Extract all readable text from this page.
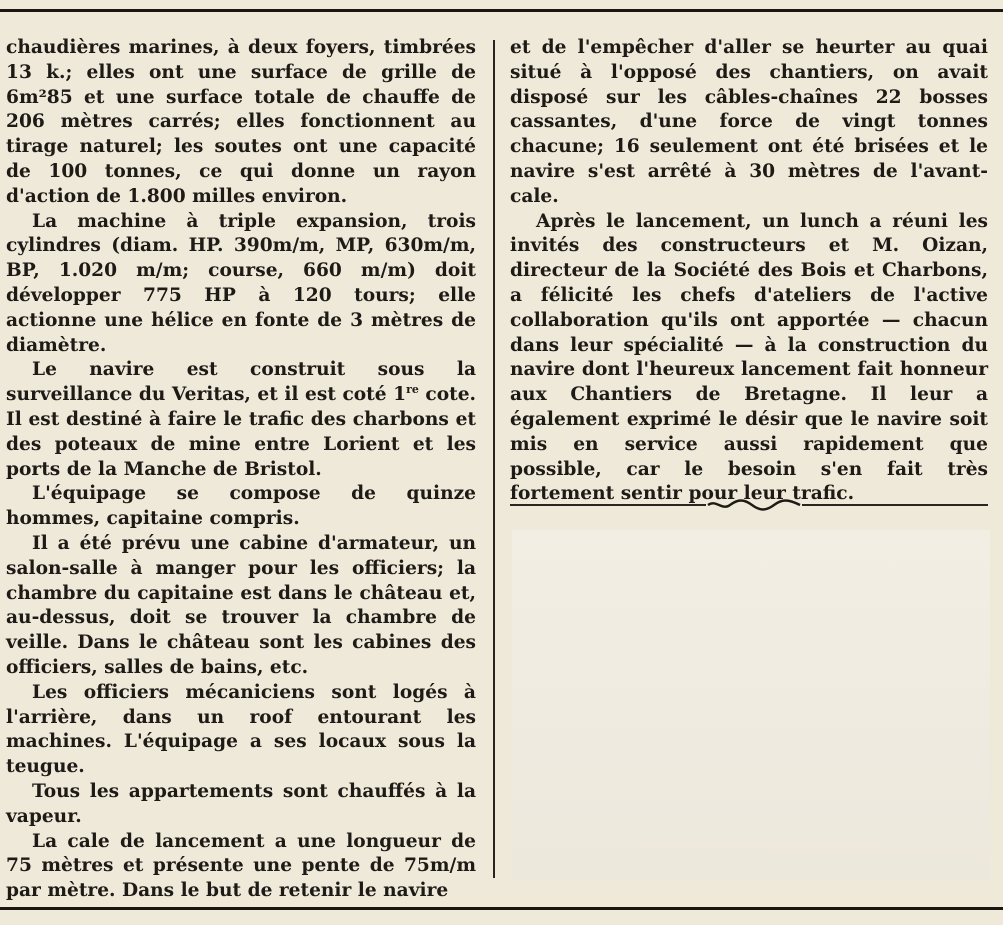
chaudières marines, à deux foyers, timbrées 13 k.; elles ont une surface de grille de 6m²85 et une surface totale de chauffe de 206 mètres carrés; elles fonctionnent au tirage naturel; les soutes ont une capacité de 100 tonnes, ce qui donne un rayon d'action de 1.800 milles environ.

La machine à triple expansion, trois cylindres (diam. HP. 390m/m, MP, 630m/m, BP, 1.020 m/m; course, 660 m/m) doit développer 775 HP à 120 tours; elle actionne une hélice en fonte de 3 mètres de diamètre.

Le navire est construit sous la surveillance du Veritas, et il est coté 1re cote. Il est destiné à faire le trafic des charbons et des poteaux de mine entre Lorient et les ports de la Manche de Bristol.

L'équipage se compose de quinze hommes, capitaine compris.

Il a été prévu une cabine d'armateur, un salon-salle à manger pour les officiers; la chambre du capitaine est dans le château et, au-dessus, doit se trouver la chambre de veille. Dans le château sont les cabines des officiers, salles de bains, etc.

Les officiers mécaniciens sont logés à l'arrière, dans un roof entourant les machines. L'équipage a ses locaux sous la teugue.

Tous les appartements sont chauffés à la vapeur.

La cale de lancement a une longueur de 75 mètres et présente une pente de 75m/m par mètre. Dans le but de retenir le navire

et de l'empêcher d'aller se heurter au quai situé à l'opposé des chantiers, on avait disposé sur les câbles-chaînes 22 bosses cassantes, d'une force de vingt tonnes chacune; 16 seulement ont été brisées et le navire s'est arrêté à 30 mètres de l'avant-cale.

Après le lancement, un lunch a réuni les invités des constructeurs et M. Oizan, directeur de la Société des Bois et Charbons, a félicité les chefs d'ateliers de l'active collaboration qu'ils ont apportée — chacun dans leur spécialité — à la construction du navire dont l'heureux lancement fait honneur aux Chantiers de Bretagne. Il leur a également exprimé le désir que le navire soit mis en service aussi rapidement que possible, car le besoin s'en fait très fortement sentir pour leur trafic.
